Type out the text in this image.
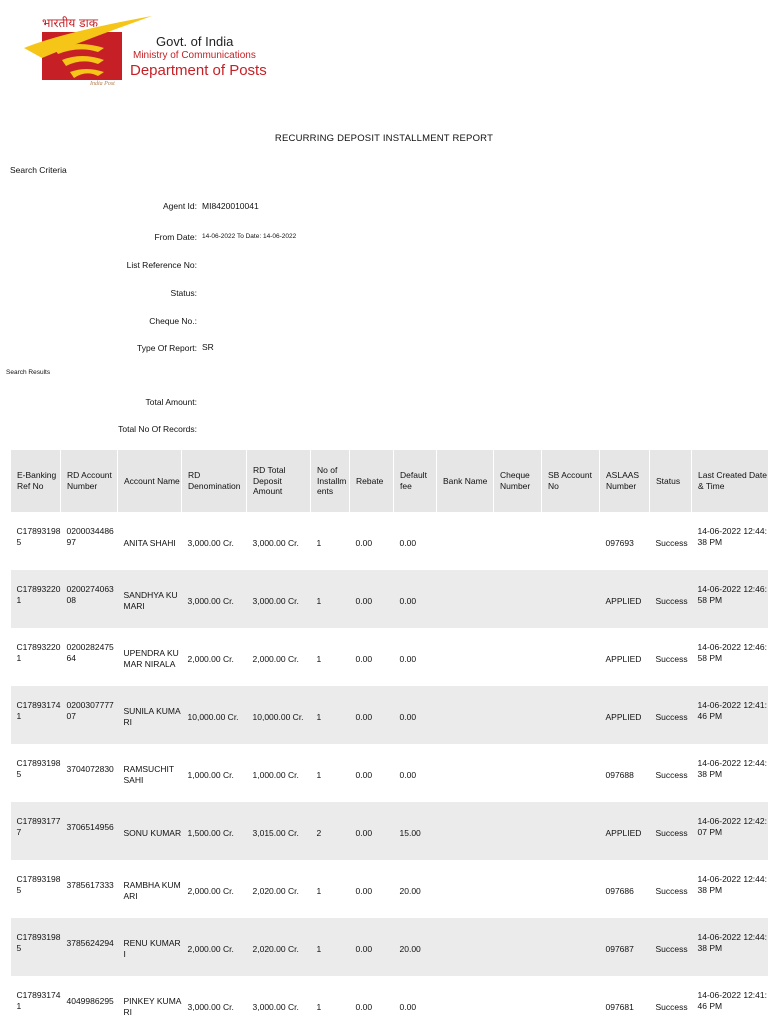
भारतीय डाक
Govt. of India
Ministry of Communications
Department of Posts
India Post
RECURRING DEPOSIT INSTALLMENT REPORT
Search Criteria
Agent Id: MI8420010041
From Date: 14-06-2022 To Date: 14-06-2022
List Reference No:
Status:
Cheque No.:
Type Of Report: SR
Search Results
Total Amount:
Total No Of Records:
E-Banking Ref No	RD Account Number	Account Name	RD Denomination	RD Total Deposit Amount	No of Installm ents	Rebate	Default fee	Bank Name	Cheque Number	SB Account No	ASLAAS Number	Status	Last Created Date & Time
C178931985	020003448697	ANITA SHAHI	3,000.00 Cr.	3,000.00 Cr.	1	0.00	0.00				097693	Success	14-06-2022 12:44:38 PM
C178932201	020027406308	SANDHYA KUMARI	3,000.00 Cr.	3,000.00 Cr.	1	0.00	0.00				APPLIED	Success	14-06-2022 12:46:58 PM
C178932201	020028247564	UPENDRA KUMAR NIRALA	2,000.00 Cr.	2,000.00 Cr.	1	0.00	0.00				APPLIED	Success	14-06-2022 12:46:58 PM
C178931741	020030777707	SUNILA KUMARI	10,000.00 Cr.	10,000.00 Cr.	1	0.00	0.00				APPLIED	Success	14-06-2022 12:41:46 PM
C178931985	3704072830	RAMSUCHIT SAHI	1,000.00 Cr.	1,000.00 Cr.	1	0.00	0.00				097688	Success	14-06-2022 12:44:38 PM
C178931777	3706514956	SONU KUMAR	1,500.00 Cr.	3,015.00 Cr.	2	0.00	15.00				APPLIED	Success	14-06-2022 12:42:07 PM
C178931985	3785617333	RAMBHA KUMARI	2,000.00 Cr.	2,020.00 Cr.	1	0.00	20.00				097686	Success	14-06-2022 12:44:38 PM
C178931985	3785624294	RENU KUMARI	2,000.00 Cr.	2,020.00 Cr.	1	0.00	20.00				097687	Success	14-06-2022 12:44:38 PM
C178931741	4049986295	PINKEY KUMARI	3,000.00 Cr.	3,000.00 Cr.	1	0.00	0.00				097681	Success	14-06-2022 12:41:46 PM
